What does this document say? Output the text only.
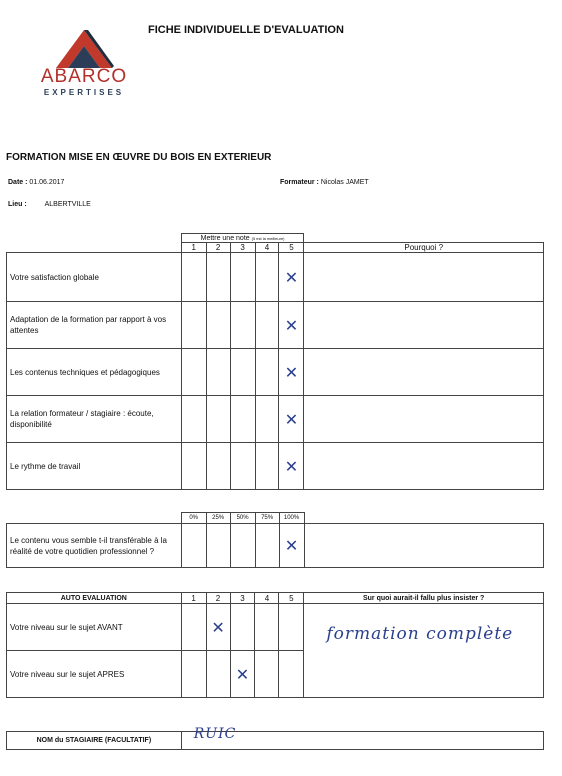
ABARCO
EXPERTISES
FICHE INDIVIDUELLE D'EVALUATION
FORMATION MISE EN ŒUVRE DU BOIS EN EXTERIEUR
Date : 01.06.2017	Formateur : Nicolas JAMET
Lieu :	ALBERTVILLE
	Mettre une note (5 est la meilleure)					
	1	2	3	4	5	Pourquoi ?
Votre satisfaction globale					✕	
Adaptation de la formation par rapport à vos attentes					✕	
Les contenus techniques et pédagogiques					✕	
La relation formateur / stagiaire : écoute, disponibilité					✕	
Le rythme de travail					✕	
	0%	25%	50%	75%	100%	
Le contenu vous semble t-il transférable à la réalité de votre quotidien professionnel ?					✕	
AUTO EVALUATION	1	2	3	4	5	Sur quoi aurait-il fallu plus insister ?
Votre niveau sur le sujet AVANT		✕				formation complète

Votre niveau sur le sujet APRES			✕			
NOM du STAGIAIRE (FACULTATIF)	RUIC
